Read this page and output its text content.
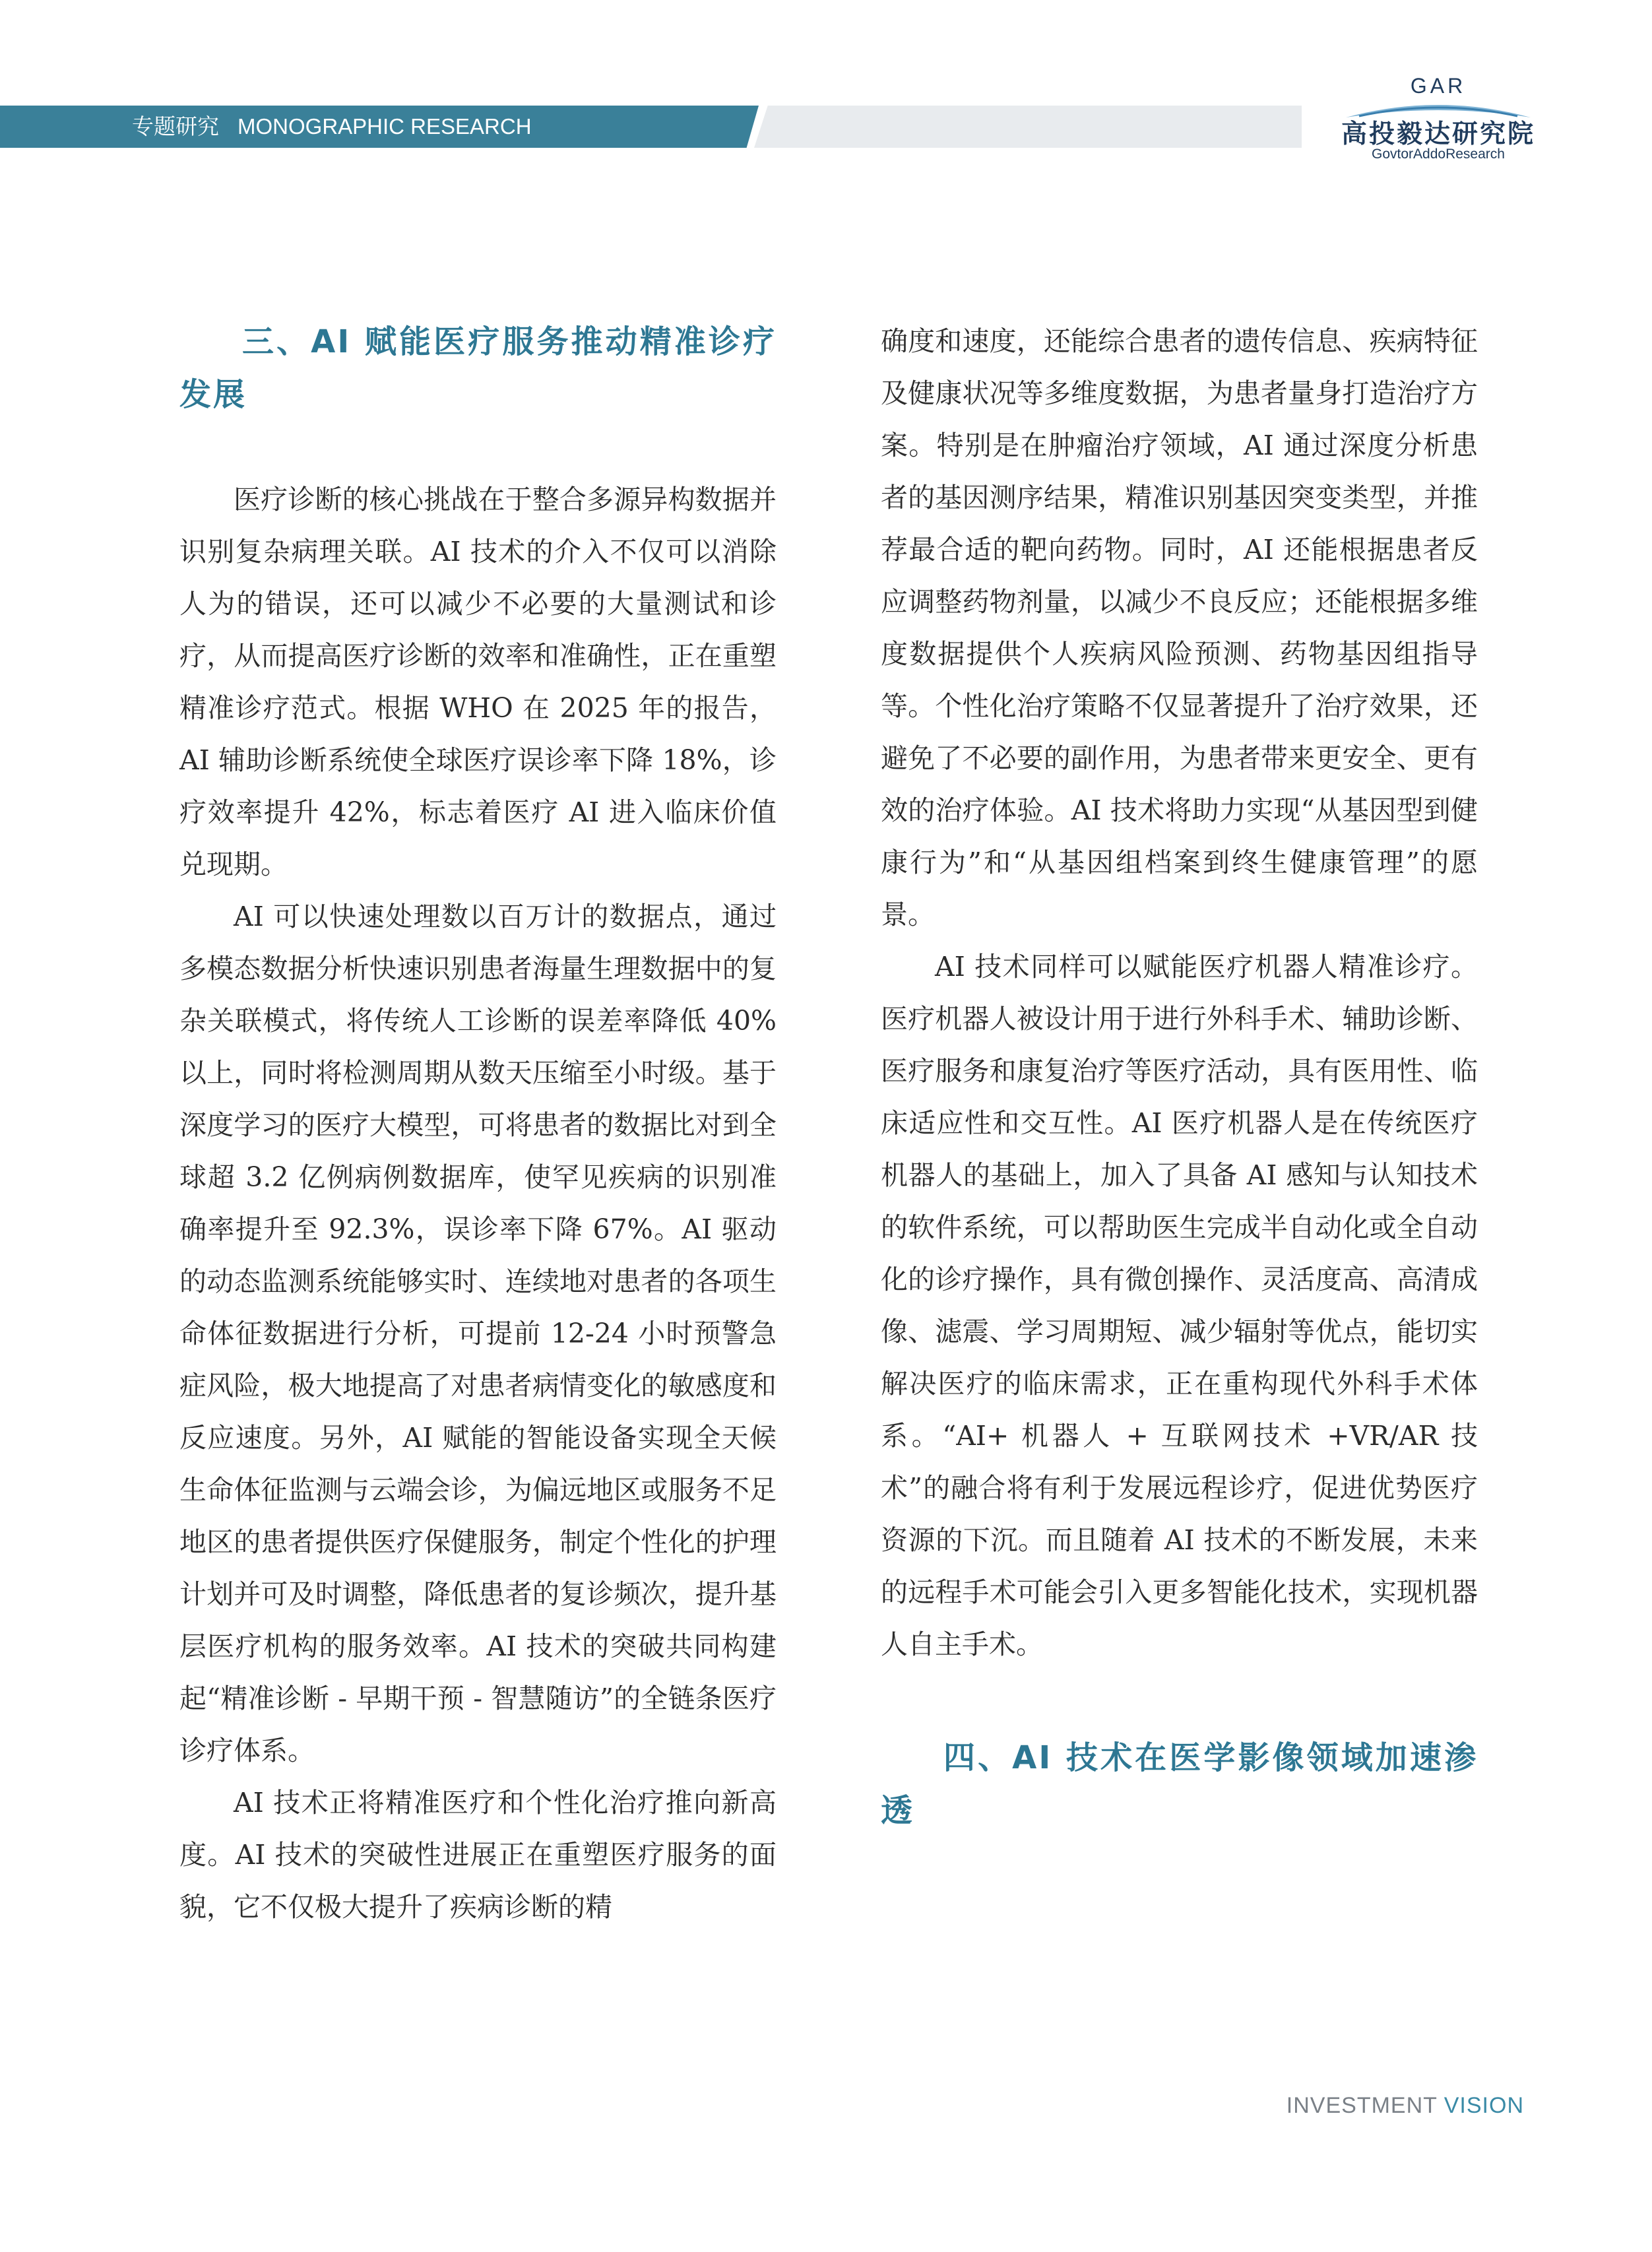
专题研究 MONOGRAPHIC RESEARCH
GAR
高投毅达研究院
GovtorAddoResearch
三、AI 赋能医疗服务推动精准诊疗发展

医疗诊断的核心挑战在于整合多源异构数据并识别复杂病理关联。AI 技术的介入不仅可以消除人为的错误，还可以减少不必要的大量测试和诊疗，从而提高医疗诊断的效率和准确性，正在重塑精准诊疗范式。根据 WHO 在 2025 年的报告，AI 辅助诊断系统使全球医疗误诊率下降 18%，诊疗效率提升 42%，标志着医疗 AI 进入临床价值兑现期。

AI 可以快速处理数以百万计的数据点，通过多模态数据分析快速识别患者海量生理数据中的复杂关联模式，将传统人工诊断的误差率降低 40% 以上，同时将检测周期从数天压缩至小时级。基于深度学习的医疗大模型，可将患者的数据比对到全球超 3.2 亿例病例数据库，使罕见疾病的识别准确率提升至 92.3%，误诊率下降 67%。AI 驱动的动态监测系统能够实时、连续地对患者的各项生命体征数据进行分析，可提前 12-24 小时预警急症风险，极大地提高了对患者病情变化的敏感度和反应速度。另外，AI 赋能的智能设备实现全天候生命体征监测与云端会诊，为偏远地区或服务不足地区的患者提供医疗保健服务，制定个性化的护理计划并可及时调整，降低患者的复诊频次，提升基层医疗机构的服务效率。AI 技术的突破共同构建起“精准诊断 - 早期干预 - 智慧随访”的全链条医疗诊疗体系。

AI 技术正将精准医疗和个性化治疗推向新高度。AI 技术的突破性进展正在重塑医疗服务的面貌，它不仅极大提升了疾病诊断的精

确度和速度，还能综合患者的遗传信息、疾病特征及健康状况等多维度数据，为患者量身打造治疗方案。特别是在肿瘤治疗领域，AI 通过深度分析患者的基因测序结果，精准识别基因突变类型，并推荐最合适的靶向药物。同时，AI 还能根据患者反应调整药物剂量，以减少不良反应；还能根据多维度数据提供个人疾病风险预测、药物基因组指导等。个性化治疗策略不仅显著提升了治疗效果，还避免了不必要的副作用，为患者带来更安全、更有效的治疗体验。AI 技术将助力实现“从基因型到健康行为”和“从基因组档案到终生健康管理”的愿景。

AI 技术同样可以赋能医疗机器人精准诊疗。医疗机器人被设计用于进行外科手术、辅助诊断、医疗服务和康复治疗等医疗活动，具有医用性、临床适应性和交互性。AI 医疗机器人是在传统医疗机器人的基础上，加入了具备 AI 感知与认知技术的软件系统，可以帮助医生完成半自动化或全自动化的诊疗操作，具有微创操作、灵活度高、高清成像、滤震、学习周期短、减少辐射等优点，能切实解决医疗的临床需求，正在重构现代外科手术体系。“AI+ 机器人 + 互联网技术 +VR/AR 技术”的融合将有利于发展远程诊疗，促进优势医疗资源的下沉。而且随着 AI 技术的不断发展，未来的远程手术可能会引入更多智能化技术，实现机器人自主手术。

四、AI 技术在医学影像领域加速渗透
INVESTMENT VISION
